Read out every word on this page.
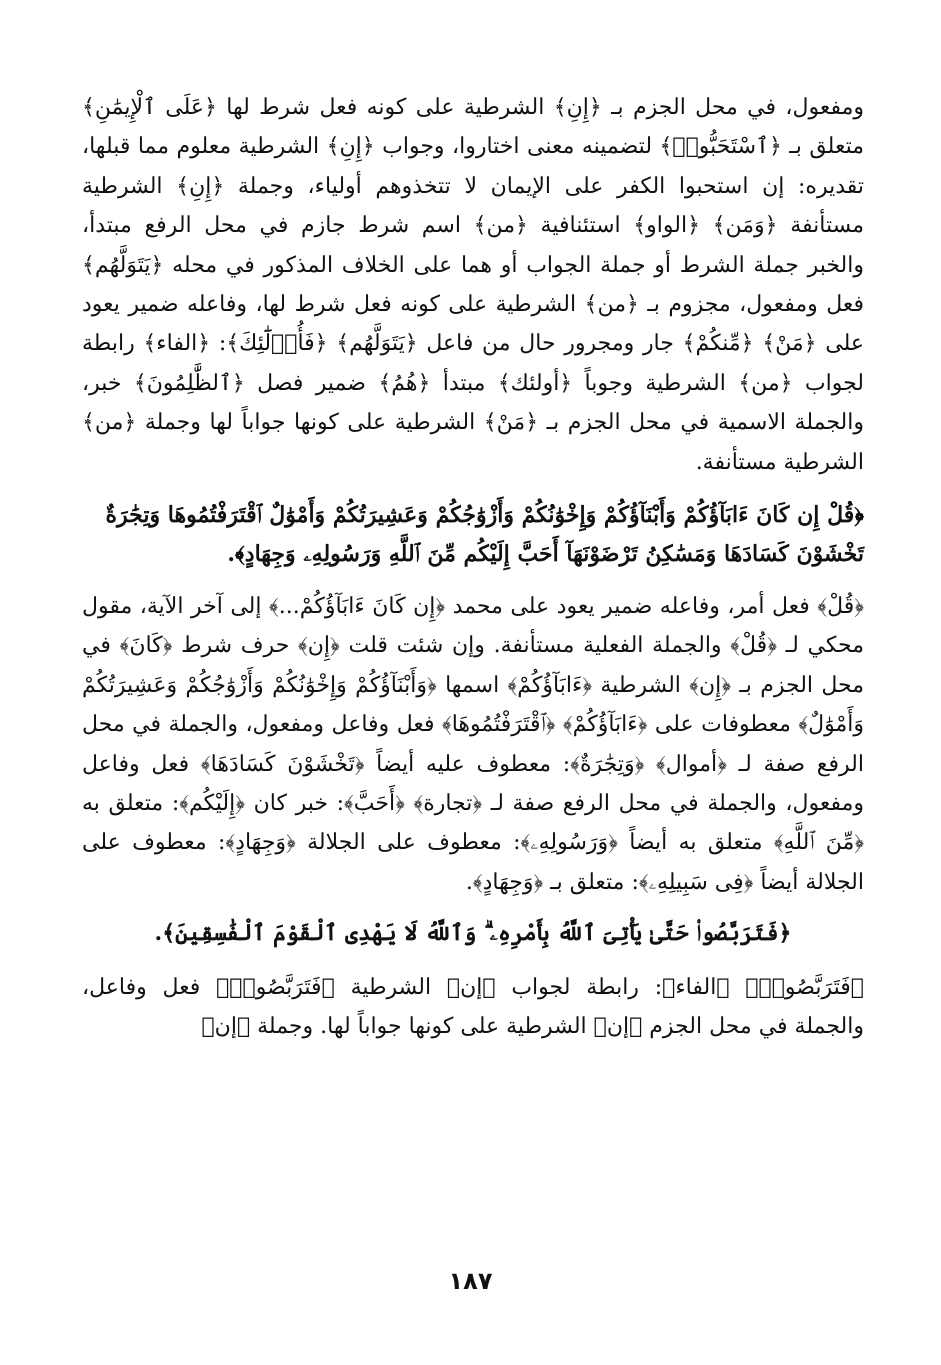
ومفعول، في محل الجزم بـ ﴿إِنِ﴾ الشرطية على كونه فعل شرط لها ﴿عَلَى ٱلْإِيمَٰنِ﴾ متعلق بـ ﴿ٱسْتَحَبُّوا۟﴾ لتضمينه معنى اختاروا، وجواب ﴿إِنِ﴾ الشرطية معلوم مما قبلها، تقديره: إن استحبوا الكفر على الإيمان لا تتخذوهم أولياء، وجملة ﴿إِنِ﴾ الشرطية مستأنفة ﴿وَمَن﴾ ﴿الواو﴾ استئنافية ﴿من﴾ اسم شرط جازم في محل الرفع مبتدأ، والخبر جملة الشرط أو جملة الجواب أو هما على الخلاف المذكور في محله ﴿يَتَوَلَّهُم﴾ فعل ومفعول، مجزوم بـ ﴿من﴾ الشرطية على كونه فعل شرط لها، وفاعله ضمير يعود على ﴿مَنْ﴾ ﴿مِّنكُمْ﴾ جار ومجرور حال من فاعل ﴿يَتَوَلَّهُم﴾ ﴿فَأُو۟لَٰٓئِكَ﴾: ﴿الفاء﴾ رابطة لجواب ﴿من﴾ الشرطية وجوباً ﴿أولئك﴾ مبتدأ ﴿هُمُ﴾ ضمير فصل ﴿ٱلظَّٰلِمُونَ﴾ خبر، والجملة الاسمية في محل الجزم بـ ﴿مَنْ﴾ الشرطية على كونها جواباً لها وجملة ﴿من﴾ الشرطية مستأنفة.

﴿قُلْ إِن كَانَ ءَابَآؤُكُمْ وَأَبْنَآؤُكُمْ وَإِخْوَٰنُكُمْ وَأَزْوَٰجُكُمْ وَعَشِيرَتُكُمْ وَأَمْوَٰلٌ ٱقْتَرَفْتُمُوهَا وَتِجَٰرَةٌ تَخْشَوْنَ كَسَادَهَا وَمَسَٰكِنُ تَرْضَوْنَهَآ أَحَبَّ إِلَيْكُم مِّنَ ٱللَّهِ وَرَسُولِهِۦ وَجِهَادٍ﴾.

﴿قُلْ﴾ فعل أمر، وفاعله ضمير يعود على محمد ﴿إِن كَانَ ءَابَآؤُكُمْ...﴾ إلى آخر الآية، مقول محكي لـ ﴿قُلْ﴾ والجملة الفعلية مستأنفة. وإن شئت قلت ﴿إِن﴾ حرف شرط ﴿كَانَ﴾ في محل الجزم بـ ﴿إِن﴾ الشرطية ﴿ءَابَآؤُكُمْ﴾ اسمها ﴿وَأَبْنَآؤُكُمْ وَإِخْوَٰنُكُمْ وَأَزْوَٰجُكُمْ وَعَشِيرَتُكُمْ وَأَمْوَٰلٌ﴾ معطوفات على ﴿ءَابَآؤُكُمْ﴾ ﴿ٱقْتَرَفْتُمُوهَا﴾ فعل وفاعل ومفعول، والجملة في محل الرفع صفة لـ ﴿أموال﴾ ﴿وَتِجَٰرَةٌ﴾: معطوف عليه أيضاً ﴿تَخْشَوْنَ كَسَادَهَا﴾ فعل وفاعل ومفعول، والجملة في محل الرفع صفة لـ ﴿تجارة﴾ ﴿أَحَبَّ﴾: خبر كان ﴿إِلَيْكُم﴾: متعلق به ﴿مِّنَ ٱللَّهِ﴾ متعلق به أيضاً ﴿وَرَسُولِهِۦ﴾: معطوف على الجلالة ﴿وَجِهَادٍ﴾: معطوف على الجلالة أيضاً ﴿فِى سَبِيلِهِۦ﴾: متعلق بـ ﴿وَجِهَادٍ﴾.

﴿فَتَرَبَّصُوا۟ حَتَّىٰ يَأْتِىَ ٱللَّهُ بِأَمْرِهِۦ ۗ وَٱللَّهُ لَا يَهْدِى ٱلْقَوْمَ ٱلْفَٰسِقِينَ﴾.

﴿فَتَرَبَّصُوا۟﴾ ﴿الفاء﴾: رابطة لجواب ﴿إن﴾ الشرطية ﴿فَتَرَبَّصُوا۟﴾ فعل وفاعل، والجملة في محل الجزم ﴿إن﴾ الشرطية على كونها جواباً لها. وجملة ﴿إن﴾

١٨٧
